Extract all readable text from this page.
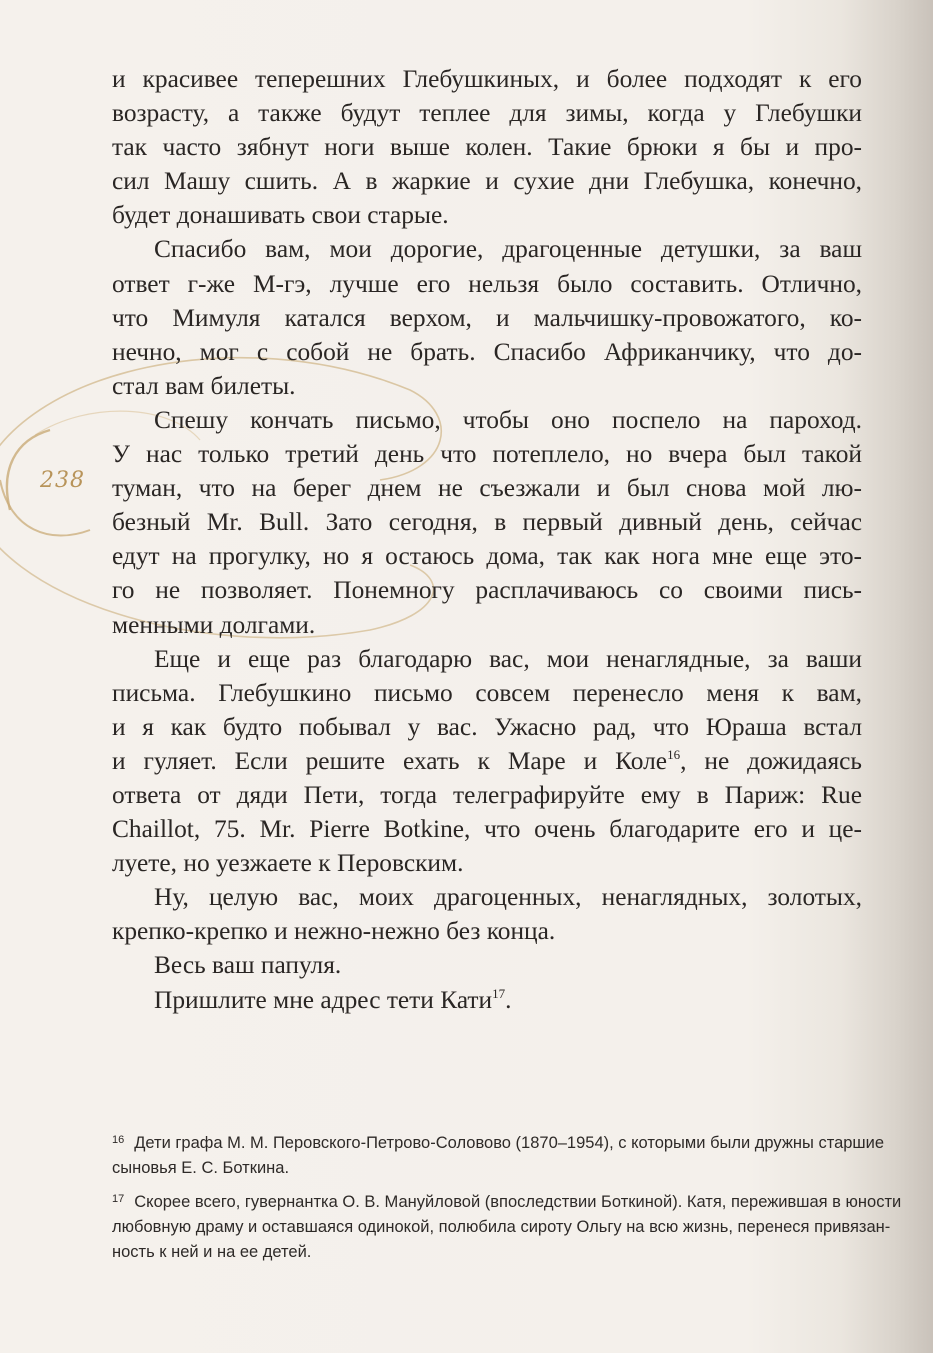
238

и красивее теперешних Глебушкиных, и более подходят к его
возрасту, а также будут теплее для зимы, когда у Глебушки
так часто зябнут ноги выше колен. Такие брюки я бы и про-
сил Машу сшить. А в жаркие и сухие дни Глебушка, конечно,
будет донашивать свои старые.

Спасибо вам, мои дорогие, драгоценные детушки, за ваш
ответ г-же М-гэ, лучше его нельзя было составить. Отлично,
что Мимуля катался верхом, и мальчишку-провожатого, ко-
нечно, мог с собой не брать. Спасибо Африканчику, что до-
стал вам билеты.

Спешу кончать письмо, чтобы оно поспело на пароход.
У нас только третий день что потеплело, но вчера был такой
туман, что на берег днем не съезжали и был снова мой лю-
безный Mr. Bull. Зато сегодня, в первый дивный день, сейчас
едут на прогулку, но я остаюсь дома, так как нога мне еще это-
го не позволяет. Понемногу расплачиваюсь со своими пись-
менными долгами.

Еще и еще раз благодарю вас, мои ненаглядные, за ваши
письма. Глебушкино письмо совсем перенесло меня к вам,
и я как будто побывал у вас. Ужасно рад, что Юраша встал
и гуляет. Если решите ехать к Маре и Коле$^{16}$, не дожидаясь
ответа от дяди Пети, тогда телеграфируйте ему в Париж: Rue
Chaillot, 75. Mr. Pierre Botkine, что очень благодарите его и це-
луете, но уезжаете к Перовским.

Ну, целую вас, моих драгоценных, ненаглядных, золотых,
крепко-крепко и нежно-нежно без конца.

Весь ваш папуля.

Пришлите мне адрес тети Кати$^{17}$.

$^{16}$ Дети графа М. М. Перовского-Петрово-Соловово (1870–1954), с которыми были дружны старшие
сыновья Е. С. Боткина.
$^{17}$ Скорее всего, гувернантка О. В. Мануйловой (впоследствии Боткиной). Катя, пережившая в юности
любовную драму и оставшаяся одинокой, полюбила сироту Ольгу на всю жизнь, перенеся привязан-
ность к ней и на ее детей.
